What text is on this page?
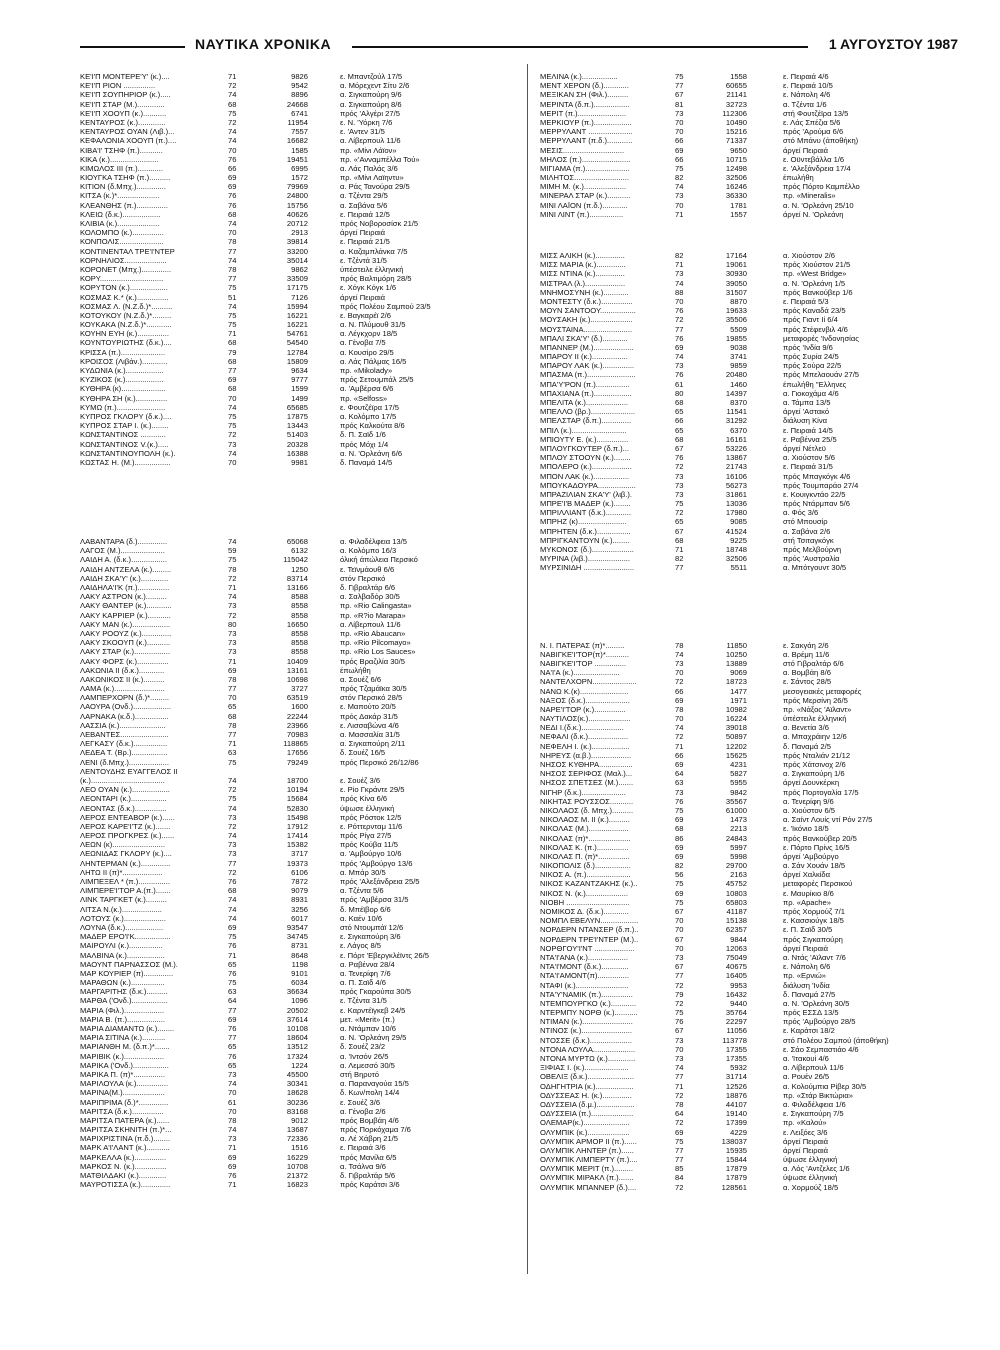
ΝΑΥΤΙΚΑ ΧΡΟΝΙΚΑ	1 ΑΥΓΟΥΣΤΟΥ 1987
ΚΕ'Ι'Π ΜΟΝΤΕΡΕ'Υ' (κ.)....	71	9826	ε. Μπαντζούλ 17/5
ΚΕ'Ι'Π ΡΙΟΝ ...............	72	9542	α. Μόρεχεντ Σίτυ 2/6
ΚΕ'Ι'Π ΣΟΥΠΗΡΙΟΡ (κ.).....	74	8896	α. Σιγκαπούρη 9/6
ΚΕ'Ι'Π ΣΤΑΡ (Μ.).............	68	24668	α. Σιγκαπούρη 8/6
ΚΕ'Ι'Π ΧΟΟΥΠ (κ.)...........	75	6741	πρός 'Αλγέρι 27/5
ΚΕΝΤΑΥΡΟΣ (κ.).............	72	11954	ε. Ν. 'Υόρκη 7/6
ΚΕΝΤΑΥΡΟΣ ΟΥΑΝ (Λιβ.)...	74	7557	ε. 'Αντεν 31/5
ΚΕΦΑΛΟΝΙΑ ΧΟΟΥΠ (π.)....	74	16682	α. Λίβερπουλ 11/6
ΚΙΒΑ'Ι' ΤΣΗΦ (π.)...........	70	1585	πρ. «Μίνι Λάϊον»
ΚΙΚΑ (κ.).......................	76	19451	πρ. «'Ανναμπέλλα Τού»
ΚΙΜΩΛΟΣ III (π.)............	66	6995	α. Λάς Παλάς 3/6
ΚΙΟΥΓΚΑ ΤΣΗΦ (π.)..........	69	1572	πρ. «Μίνι Λαϊηντυ»
ΚΙΤΙΟΝ (δ.Μπχ.)..............	69	79969	α. Ράς Τανούρα 29/5
ΚΙΤΣΑ (κ.)*....................	76	24800	α. Τζέντα 29/5
ΚΛΕΑΝΘΗΣ (π.)...............	76	15756	α. Σαβάνα 5/6
ΚΛΕΙΩ (δ.κ.)..................	68	40626	ε. Πειραιά 12/5
ΚΛΙΒΙΑ (κ.)....................	74	20712	πρός Νοβοροσίσκ 21/5
ΚΟΛΟΜΠΟ (κ.)...............	70	2913	άργεί Πειραιά
ΚΟΝΠΟΛΙΣ.....................	78	39814	ε. Πειραιά 21/5
ΚΟΝΤΙΝΕΝΤΑΛ ΤΡΕ'Ι'ΝΤΕΡ	77	33200	α. Καζαμπλάνκα 7/5
ΚΟΡΝΗΛΙΟΣ....................	74	35014	ε. Τζέντά 31/5
ΚΟΡΟΝΕΤ (Μπχ.)..............	78	9862	ύπέστειλε έλληνική
ΚΟΡΥ..............................	77	33509	πρός Βαλτιμόρη 28/5
ΚΟΡΥΤΟΝ (κ.)..................	75	17175	ε. Χόγκ Κόγκ 1/6
ΚΟΣΜΑΣ Κ.* (κ.)...............	51	7126	άργεί Πειραιά
ΚΟΣΜΑΣ Λ. (Ν.Ζ.δ.)*..........	74	15994	πρός Πολέου Σαμπού 23/5
ΚΟΤΟΥΚΟΥ (Ν.Ζ.δ.)*.........	75	16221	ε. Βαγκαρέϊ 2/6
ΚΟΥΚΑΚΑ (Ν.Ζ.δ.)*............	75	16221	α. Ν. Πλύμουθ 31/5
ΚΟΥΗΝ ΕΥΗ (κ.)...............	71	54761	α. Λέγκχορν 18/5
ΚΟΥΝΤΟΥΡΙΩΤΗΣ (δ.κ.)....	68	54540	α. Γένοβα 7/5
ΚΡΙΣΣΑ (π.).....................	79	12784	α. Κουσίρο 29/5
ΚΡΟΙΣΟΣ (Λιβάν.)............	68	15809	α. Λάς Πάλμας 16/5
ΚΥΔΩΝΙΑ (κ.)..................	77	9634	πρ. «Mikolady»
ΚΥΖΙΚΟΣ (κ.)..................	69	9777	πρός Σετουμπάλ 25/5
ΚΥΘΗΡΑ (κ).....................	68	1599	α. 'Αμβέρσα 6/6
ΚΥΘΗΡΑ ΣΗ (κ.)...............	70	1499	πρ. «Selfoss»
ΚΥΜΩ (π.).......................	74	65685	ε. Φουτζέϊρα 17/5
ΚΥΠΡΟΣ ΓΚΛΟΡΥ (δ.κ.)....	75	17875	α. Κολόμπο 17/5
ΚΥΠΡΟΣ ΣΤΑΡ Ι. (κ.)........	75	13443	πρός Καλκούτα 8/6
ΚΩΝΣΤΑΝΤΙΝΟΣ ............	72	51403	δ. Π. Σαϊδ 1/6
ΚΩΝΣΤΑΝΤΙΝΟΣ V.(κ.).....	73	20328	πρός Μόχι 1/4
ΚΩΝΣΤΑΝΤΙΝΟΥΠΟΛΗ (κ.).	74	16388	α. Ν. 'Ορλεάνη 6/6
ΚΩΣΤΑΣ Η. (Μ.).................	70	9981	δ. Παναμά 14/5
ΛΑΒΑΝΤΑΡΑ (δ.)..............	74	65068	α. Φιλαδέλφεια 13/5
ΛΑΓΟΣ (Μ.).....................	59	6132	α. Κολόμπο 16/3
ΛΑΙΔΗ Α. (δ.κ.).................	75	115042	όλική άπώλεια Περσικό
ΛΑΙΔΗ ΑΝΤΖΕΛΑ (κ.).........	78	1250	ε. Τεϊνμάουθ 6/6
ΛΑΙΔΗ ΣΚΑ'Υ' (κ.).............	72	83714	στόν Περσικό
ΛΑΙΔΗΛΑ'Ι'Κ (π.)...............	71	13166	δ. Γιβραλτάρ 6/6
ΛΑΚΥ ΑΣΤΡΟΝ (κ.)..........	74	8588	α. Σαλβαδόρ 30/5
ΛΑΚΥ ΘΑΝΤΕΡ (κ.)............	73	8558	πρ. «Rio Calingasta»
ΛΑΚΥ ΚΑΡΡΙΕΡ (κ.)...........	72	8558	πρ. «R?io Marapa»
ΛΑΚΥ ΜΑΝ (κ.)..................	80	16650	α. Λίβερπουλ 11/6
ΛΑΚΥ ΡΟΟΥΖ (κ.)..............	73	8558	πρ. «Rio Abaucan»
ΛΑΚΥ ΣΚΟΟΥΠ (κ.)...........	73	8558	πρ. «Rio Pilcomayo»
ΛΑΚΥ ΣΤΑΡ (κ.).................	73	8558	πρ. «Rio Los Sauces»
ΛΑΚΥ ΦΟΡΣ (κ.)...............	71	10409	πρός Βραζιλία 30/5
ΛΑΚΩΝΙΑ II (δ.κ.)............	69	13161	έπωλήθη
ΛΑΚΩΝΙΚΟΣ II (κ.)..........	78	10698	α. Σουέζ 6/6
ΛΑΜΑ (κ.)........................	77	3727	πρός Τζαμάϊκα 30/5
ΛΑΜΠΕΡΧΟΡΝ (δ.)*.........	70	63519	στόν Περσικό 28/5
ΛΑΟΥΡΑ (Ονδ.)..................	65	1600	ε. Μαπούτο 20/5
ΛΑΡΝΑΚΑ (κ.δ.)................	68	22244	πρός Δακάρ 31/5
ΛΑΣΣΙΑ (κ.)......................	78	23966	ε. Λισσαβώνα 4/6
ΛΕΒΑΝΤΕΣ.......................	77	70983	α. Μασσαλία 31/5
ΛΕΓΚΑΣΥ (δ.κ.)................	71	118865	α. Σιγκαπούρη 2/11
ΛΕΔΕΑ Τ. (Βρ.).................	63	17656	δ. Σουέζ 16/5
ΛΕΝΙ (δ.Μπχ.)...................	75	79249	πρός Περσικό 26/12/86
ΛΕΝΤΟΥΔΗΣ ΕΥΑΓΓΕΛΟΣ ΙΙ
(κ.)...................................	74	18700	ε. Σουέζ 3/6
ΛΕΟ ΟΥΑΝ (κ.)..................	72	10194	ε. Ρίο Γκράντε 29/5
ΛΕΟΝΤΑΡΙ (κ.).................	75	15684	πρός Κίνα 6/6
ΛΕΟΝΤΑΣ (δ.κ.)...............	74	52830	ύψωσε έλληνική
ΛΕΡΟΣ ΕΝΤΕΑΒΟΡ (κ.)......	73	15498	πρός Ρόστοκ 12/5
ΛΕΡΟΣ ΚΑΡΕ'Ι'ΤΖ (κ.).......	72	17912	ε. Ρόττερνταμ 11/6
ΛΕΡΟΣ ΠΡΟΓΚΡΕΣ (κ.)......	74	17414	πρός Ρίγα 27/5
ΛΕΩΝ (κ).........................	73	15382	πρός Κούβα 11/5
ΛΕΩΝΙΔΑΣ ΓΚΛΟΡΥ (κ.)....	73	3717	α. 'Αμβούργο 10/6
ΛΗΝΤΕΡΜΑΝ (κ.)..............	77	19373	πρός 'Αμβούργο 13/6
ΛΗΤΩ II (π)*...................	72	6106	α. Μπάρ 30/5
ΛΙΜΠΕΞΕΛ * (π.)...............	76	7872	πρός 'Αλεξάνδρεια 25/5
ΛΙΜΠΕΡΕ'Ι'ΤΟΡ Α.(π.).......	68	9079	α. Τζέντα 5/6
ΛΙΝΚ ΤΑΡΓΚΕΤ (κ.)..........	74	8931	πρός 'Αμβέρσα 31/5
ΛΙΤΣΑ Ν.(κ.)...................	74	3256	δ. Μπέϊβορ 6/6
ΛΟΤΟΥΣ (κ.)....................	74	6017	α. Καέν 10/6
ΛΟΥΝΑ (δ.κ.)..................	69	93547	στό Ντουμπάϊ 12/6
ΜΑΔΕΡ ΕΡΟ'Ι'Κ.................	75	34745	ε. Σιγκαπούρη 3/6
ΜΑΙΡΟΥΛΙ (κ.)................	76	8731	ε. Λάγος 8/5
ΜΑΛΒΙΝΑ (κ.)..................	71	8648	ε. Πόρτ 'Εβεργκλέϊντς 26/5
ΜΑΟΥΝΤ ΠΑΡΝΑΣΣΟΣ (Μ.).	65	1198	α. Ραβέννα 28/4
ΜΑΡ ΚΟΥΡΙΕΡ (π)..............	76	9101	α. Τενερίφη 7/6
ΜΑΡΑΘΩΝ (κ.)................	75	6034	α. Π. Σαϊδ 4/6
ΜΑΡΓΑΡΙΤΗΣ (δ.κ.)..........	63	36634	πρός Γκαρούπα 30/5
ΜΑΡΘΑ ('Ονδ.).................	64	1096	ε. Τζέντα 31/5
ΜΑΡΙΑ (Φιλ.)...................	77	20502	ε. Καρντέϊγκεβ 24/5
ΜΑΡΙΑ Β. (π.)..................	69	37614	μετ. «Merit» (π.)
ΜΑΡΙΑ ΔΙΑΜΑΝΤΩ (κ.)........	76	10108	α. Ντάμπαν 10/6
ΜΑΡΙΑ ΣΙΤΙΝΑ (κ.)...........	77	18604	α. Ν. 'Ορλεάνη 29/5
ΜΑΡΙΑΝΘΗ Μ. (δ.π.)*.......	65	13512	δ. Σουέζ 23/2
ΜΑΡΙΒΙΚ (κ.)...................	76	17324	α. 'Ιντσόν 26/5
ΜΑΡΙΚΑ ('Ονδ.).................	65	1224	α. Λεμεσσό 30/5
ΜΑΡΙΚΑ Π. (π)*...............	73	45500	στή Βηρυτό
ΜΑΡΙΛΟΥΛΑ (κ.)...............	74	30341	α. Παραναγούα 15/5
ΜΑΡΙΝΑ(Μ.)....................	70	18628	δ. Κων/πολη 14/4
ΜΑΡΙΠΡΙΜΑ (δ.)*..............	61	30236	ε. Σουέζ 3/6
ΜΑΡΙΤΣΑ (δ.κ.)...............	70	83168	α. Γένοβα 2/6
ΜΑΡΙΤΣΑ ΠΑΤΕΡΑ (κ.)......	78	9012	πρός Βομβάη 4/6
ΜΑΡΙΤΣΑ ΣΚΗΝΙΤΗ (π.)*...	74	13687	πρός Πορκόχαμα 7/6
ΜΑΡΙΧΡΙΣΤΙΝΑ (π.δ.)........	73	72336	α. Λέ Χάβρη 21/5
ΜΑΡΚ Α'Ι'ΛΑΝΤ (κ.)...........	71	1516	ε. Πειραιά 3/6
ΜΑΡΚΕΛΛΑ (κ.)...............	69	16229	πρός Μανίλα 6/5
ΜΑΡΚΟΣ Ν. (κ.)...............	69	10708	α. Τσάλνα 9/6
ΜΑΤΘΙΛΔΑΚΙ (κ.).............	76	21372	δ. Γιβραλτάρ 5/6
ΜΑΥΡΟΤΙΣΣΑ (κ.)..............	71	16823	πρός Καράτσι 3/6
ΜΕΛΙΝΑ (κ.).................	75	1558	ε. Πειραιά 4/6
ΜΕΝΤ ΧΕΡΟΝ (δ.)............	77	60655	ε. Πειραιά 10/5
ΜΕΞΙΚΑΝ ΣΗ (Φιλ.)..........	67	21141	ε. Νάπολη 4/6
ΜΕΡΙΝΤΑ (δ.π.).................	81	32723	α. Τζέντα 1/6
ΜΕΡΙΤ (π.).......................	73	112306	στή Φουτζέϊρα 13/5
ΜΕΡΚΙΟΥΡ (π.)..................	70	10490	ε. Λάς Σπέζια 5/6
ΜΕΡΡΥΛΑΝΤ .....................	70	15216	πρός 'Αρούμα 6/6
ΜΕΡΡΥΛΑΝΤ (π.δ.)............	66	71337	στό Μπάνυ (άποθήκη)
ΜΕΣΙΣ.............................	69	9650	άργεί Πειραιά
ΜΗΛΟΣ (π.).......................	66	10715	ε. Οϋντεβάλλα 1/6
ΜΙΓΙΑΜΑ (π.).....................	75	12498	ε. 'Αλεξάνδρεια 17/4
ΜΙΛΗΤΟΣ..........................	82	32506	έπωλήθη
ΜΙΜΗ Μ. (κ.)....................	74	16246	πρός Πόρτο Καμπέλλο
ΜΙΝΕΡΑΛ ΣΤΑΡ (κ.)...........	73	36330	πρ. «Mineralis»
ΜΙΝΙ ΛΑΪΟΝ (π.δ.)............	70	1781	α. Ν. 'Ορλεάνη 25/10
ΜΙΝΙ ΛΙΝΤ (π.)................	71	1557	άργεί Ν. 'Ορλεάνη
ΜΙΣΣ ΑΛΙΚΗ (κ.)..............	82	17164	α. Χιούστον 2/6
ΜΙΣΣ ΜΑΡΙΑ (κ.)..............	71	19061	πρός Χιούστον 21/5
ΜΙΣΣ ΝΤΙΝΑ (κ.)..............	73	30930	πρ. «West Bridge»
ΜΙΣΤΡΑΛ (λ.)...................	74	39050	α. Ν. 'Ορλεάνη 1/5
ΜΝΗΜΟΣΥΝΗ (κ.)............	88	31507	πρός Βανκούβερ 1/6
ΜΟΝΤΕΣΤΥ (δ.κ.)...............	70	8870	ε. Πειραιά 5/3
ΜΟΥΝ ΣΑΝΤΟΟΥ.................	76	19633	πρός Καναδά 23/5
ΜΟΥΣΑΚΗ (κ.)....................	72	35506	πρός Γιαντ Ιί 6/4
ΜΟΥΣΤΑΙΝΑ.......................	77	5509	πρός Στέφενβιλ 4/6
ΜΠΑΛΙ ΣΚΑ'Υ' (δ.)............	76	19855	μεταφορές 'Ινδονησίας
ΜΠΑΝΝΕΡ (Μ.)...................	69	9038	πρός 'Ινδία 9/6
ΜΠΑΡΟΥ II (κ.).................	74	3741	πρός Συρία 24/5
ΜΠΑΡΟΥ ΛΑΚ (κ.)...............	73	9859	πρός Σούρα 22/5
ΜΠΑΣΜΑ (π.).......................	76	20480	πρός Μπελαουάν 27/5
ΜΠΑ'Υ'ΡΟΝ (π.)................	61	1460	έπωλήθη "Ελληνες
ΜΠΑΧΙΑΝΑ (π.)..................	80	14397	α. Γιοκοχάμα 4/6
ΜΠΕΛΙΤΑ (κ.)....................	68	8370	α. Τάμπα 13/5
ΜΠΕΛΛΟ (βρ.).....................	65	11541	άργεί 'Αστακό
ΜΠΕΛΣΤΑΡ (δ.π.)..............	66	31292	διάλυση Κίνα
ΜΠΙΛ (κ.)..........................	65	6370	ε. Πειραιά 14/5
ΜΠΙΟΥΤΥ Ε. (κ.)...............	68	16161	ε. Ραβέννα 25/5
ΜΠΛΟΥΓΚΟΥΤΕΡ (δ.π.)...	67	53226	άργεί Νέτλεϋ
ΜΠΛΟΥ ΣΤΟΟΥΝ (κ.)........	76	13867	α. Χιούστον 5/6
ΜΠΟΛΕΡΟ (κ.)...................	72	21743	ε. Πειραιά 31/5
ΜΠΟΝ ΛΑΚ (κ.).................	73	16106	πρός Μπαγκόγκ 4/6
ΜΠΟΥΚΑΔΟΥΡΑ..................	73	56273	πρός Τουμπαράο 27/4
ΜΠΡΑΖΙΛΙΑΝ ΣΚΑ'Υ' (λιβ.).	73	31861	ε. Κουιγκντάο 22/5
ΜΠΡΕ'Ι'Β ΜΑΔΕΡ (κ.)........	75	13036	πρός Ντάρμπαν 5/6
ΜΠΡΙΛΛΙΑΝΤ (δ.κ.)............	72	17980	α. Φός 3/6
ΜΠΡΗΖ (κ).......................	65	9085	στό Μπουσίρ
ΜΠΡΗΤΕΝ (δ.κ.)................	67	41524	α. Σαβάνα 2/6
ΜΠΡΙΓΚΑΝΤΟΥΝ (κ.)........	68	9225	στή Τσιταγκόγκ
ΜΥΚΟΝΟΣ (δ.)....................	71	18748	πρός Μελβούρνη
ΜΥΡΙΝΑ (λιβ.)....................	82	32506	πρός 'Αυστραλία
ΜΥΡΣΙΝΙΔΗ ........................	77	5511	α. Μπότγουντ 30/5
Ν. Ι. ΠΑΤΕΡΑΣ (π)*.........	78	11850	ε. Σακγάη 2/6
ΝΑΒΙΓΚΕ'Ι'ΤΟΡ(π)*...........	74	10250	α. Βρέμη 11/6
ΝΑΒΙΓΚΕ'Ι'ΤΟΡ ...............	73	13889	στό Γιβραλτάρ 6/6
ΝΑ'Ι'Α (κ.)......................	70	9069	α. Βομβάη 8/6
ΝΑΝΤΕΛΧΟΡΝ.....................	72	18723	ε. Σάντος 28/5
ΝΑΝΩ Κ.(κ).......................	66	1477	μεσογειακές μεταφορές
ΝΑΞΟΣ (δ.κ.).....................	69	1971	πρός Μερσίνη 26/5
ΝΑΡΕ'Ι'ΤΟΡ (κ.)...............	78	10982	πρ. «Νάξος 'Αϊλαντ»
ΝΑΥΤΙΛΟΣ(κ.)....................	70	16224	ύπέστειλε έλληνική
ΝΕΔΙ Ι.(δ.κ.)....................	74	39018	α. Βενετία 3/6
ΝΕΦΑΛΙ (δ.κ.)...................	72	50897	α. Μπαχράιην 12/6
ΝΕΦΕΛΗ Ι. (κ.)..................	71	12202	δ. Παναμά 2/5
ΝΗΡΕΥΣ (α.β.)...................	66	15625	πρός Νταλιάν 21/12
ΝΗΣΟΣ ΚΥΘΗΡΑ................	69	4231	πρός Χάτσινοχ 2/6
ΝΗΣΟΣ ΣΕΡΙΦΟΣ (Μαλ.)...	64	5827	α. Σιγκαπούρη 1/6
ΝΗΣΟΣ ΣΠΕΤΣΕΣ (Μ.).......	63	5955	άργεί Δουνκέρκη
ΝΙΓΗΡ (δ.κ.).....................	73	9842	πρός Πορτογαλία 17/5
ΝΙΚΗΤΑΣ ΡΟΥΣΣΟΣ...........	76	35567	α. Τενερίφη 9/6
ΝΙΚΟΛΑΟΣ (δ. Μπχ.)..........	75	61000	α. Χιούστον 6/5
ΝΙΚΟΛΑΟΣ Μ. II (κ.)..........	69	1473	α. Σαίντ Λουίς ντί Ρόν 27/5
ΝΙΚΟΛΑΣ (Μ.)...................	68	2213	ε. 'Ικόνιο 18/5
ΝΙΚΟΛΑΣ (π)*....................	86	24843	πρός Βανκούβερ 20/5
ΝΙΚΟΛΑΣ Κ. (π.)...............	69	5997	ε. Πόρτο Πρίνς 16/5
ΝΙΚΟΛΑΣ Π. (π)*...............	69	5998	άργεί 'Αμβούργο
ΝΙΚΟΠΟΛΙΣ (δ.).................	82	29700	α. Σάν Χουάν 18/5
ΝΙΚΟΣ Α. (π.).....................	56	2163	άργεί Χαλκίδα
ΝΙΚΟΣ ΚΑΖΑΝΤΖΑΚΗΣ (κ.)..	75	45752	μεταφορές Περσικού
ΝΙΚΟΣ Ν. (κ.)....................	69	10803	ε. Μαυρίκιο 8/6
ΝΙΟΒΗ ..............................	75	65803	πρ. «Apache»
ΝΟΜΙΚΟΣ Δ. (δ.κ.)............	67	41187	πρός Χορμούζ 7/1
ΝΟΜΠΛ ΕΒΕΛΥΝ..................	70	15138	ε. Κασσιούγκ 18/5
ΝΟΡΔΕΡΝ ΝΤΑΝΣΕΡ (δ.π.)..	70	62357	ε. Π. Σαϊδ 30/5
ΝΟΡΔΕΡΝ ΤΡΕ'Ι'ΝΤΕΡ (Μ.)..	67	9844	πρός Σιγκαπούρη
ΝΟΡΘΓΟΥ'Ι'ΝΤ ...................	70	12063	άργεί Πειραιά
ΝΤΑ'Ι'ΑΝΑ (κ.)...................	73	75049	α. Ντάς 'Αϊλαντ 7/6
ΝΤΑ'Ι'ΜΟΝΤ (δ.κ.).............	67	40675	ε. Νάπολη 6/6
ΝΤΑ'Ι'ΑΜΟΝΤ(π)...............	77	16405	πρ. «Ερνιώ»
ΝΤΑΦΙ (κ.).........................	72	9953	διάλυση 'Ινδία
ΝΤΑ'Υ'ΝΑΜΙΚ (π.)...............	79	16432	δ. Παναμά 27/5
ΝΤΕΜΠΟΥΡΓΚΟ (κ.)............	72	9440	α. Ν. 'Ορλεάνη 30/5
ΝΤΕΡΜΠΥ ΝΟΡΘ (κ.)...........	75	35764	πρός ΕΣΣΔ 13/5
ΝΤΙΜΑΝ (κ.)........................	76	22297	πρός 'Αμβούργο 28/5
ΝΤΙΝΟΣ (κ.)........................	67	11056	ε. Καράτσι 18/2
ΝΤΟΣΣΕ (δ.κ.)....................	73	113778	στό Πολέου Σαμπού (άποθήκη)
ΝΤΟΝΑ ΛΟΥΛΑ....................	70	17355	ε. Σάο Σεμπαστιάο 4/6
ΝΤΟΝΑ ΜΥΡΤΩ (κ.).............	73	17355	α. 'Ιτακουί 4/6
ΞΙΦΙΑΣ Ι. (κ.).....................	74	5932	α. Λίβερπουλ 11/6
ΟΒΕΛΙΞ (δ.κ.)......................	77	31714	α. Ρουέν 26/5
ΟΔΗΓΗΤΡΙΑ (κ.)..................	71	12526	α. Κολούμπια Ρίβερ 30/5
ΟΔΥΣΣΕΑΣ Η. (κ.)..............	72	18876	πρ. «Στάρ Βικτώρια»
ΟΔΥΣΣΕΙΑ (δ.μ.)..................	78	44107	α. Φιλαδέλφεια 1/6
ΟΔΥΣΣΕΙΑ (π.)....................	64	19140	ε. Σιγκαπούρη 7/5
ΟΛΕΜΑΡ(κ.)......................	72	17399	πρ. «Καλού»
ΟΛΥΜΠΙΚ (κ.)....................	69	4229	ε. Λειξόες 3/6
ΟΛΥΜΠΙΚ ΑΡΜΟΡ II (π.)......	75	138037	άργεί Πειραιά
ΟΛΥΜΠΙΚ ΛΗΝΤΕΡ (π.)......	77	15935	άργεί Πειραιά
ΟΛΥΜΠΙΚ ΛΙΜΠΕΡΤΥ (π.)....	77	15844	ύψωσε έλληνική
ΟΛΥΜΠΙΚ ΜΕΡΙΤ (π.).........	85	17879	α. Λός 'Αντζελες 1/6
ΟΛΥΜΠΙΚ ΜΙΡΑΚΛ (π.).......	84	17879	ύψωσε έλληνική
ΟΛΥΜΠΙΚ ΜΠΑΝΝΕΡ (δ.)....	72	128561	α. Χορμούζ 18/5
